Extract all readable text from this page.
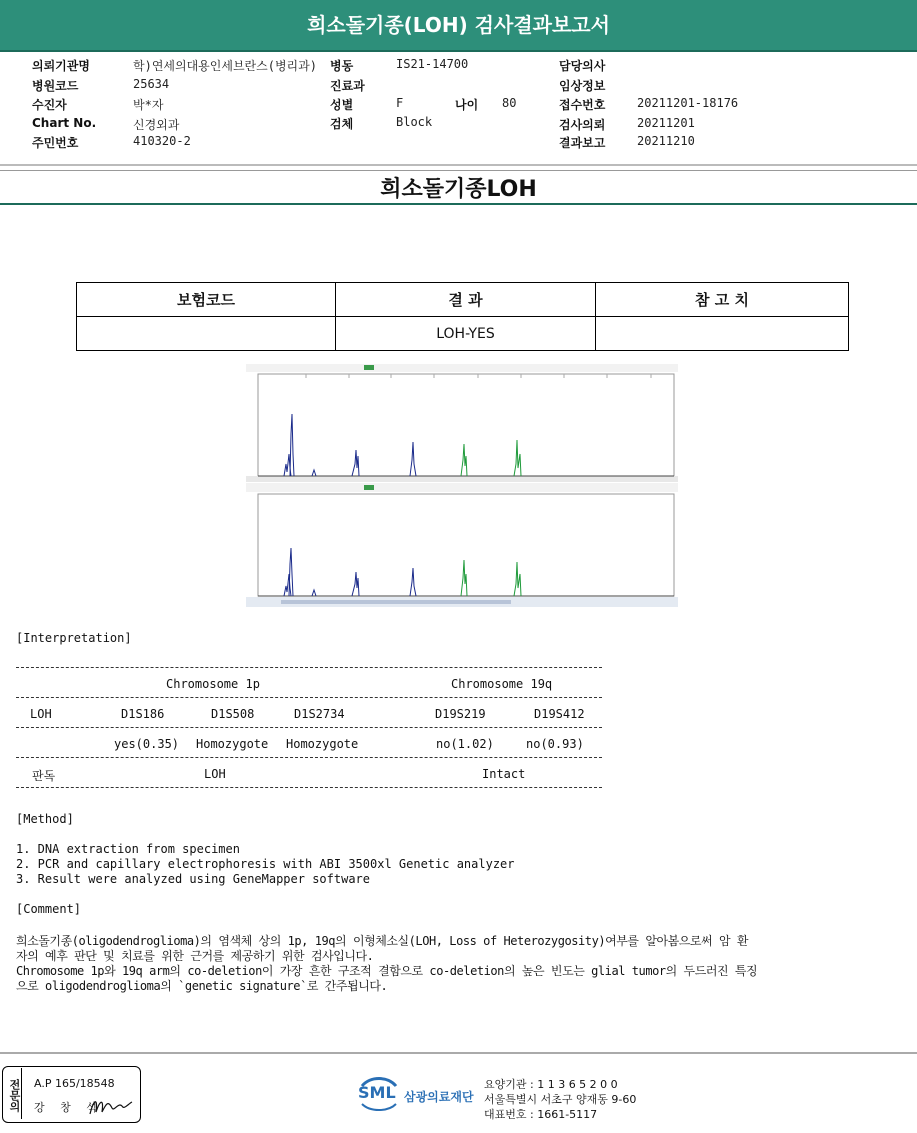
희소돌기종(LOH) 검사결과보고서
의뢰기관명	학)연세의대용인세브란스(병리과)
병원코드	25634
수진자	박*자
Chart No.	신경외과
주민번호	410320-2
병동	IS21-14700
진료과
성별	F	나이 80
검체	Block
담당의사
임상정보
접수번호	20211201-18176
검사의뢰	20211201
결과보고	20211210
희소돌기종LOH
보험코드	결 과	참 고 치
	LOH-YES	
[Interpretation]
Chromosome 1p	Chromosome 19q
LOH	D1S186	D1S508	D1S2734	D19S219	D19S412
yes(0.35) Homozygote Homozygote	no(1.02)	no(0.93)
판독	LOH	Intact
[Method]
1. DNA extraction from specimen
2. PCR and capillary electrophoresis with ABI 3500xl Genetic analyzer
3. Result were analyzed using GeneMapper software
[Comment]
희소돌기종(oligodendroglioma)의 염색체 상의 1p, 19q의 이형체소실(LOH, Loss of Heterozygosity)여부를 알아봄으로써 암 환
자의 예후 판단 및 치료를 위한 근거를 제공하기 위한 검사입니다.
Chromosome 1p와 19q arm의 co-deletion이 가장 흔한 구조적 결함으로 co-deletion의 높은 빈도는 glial tumor의 두드러진 특징
으로 oligodendroglioma의 `genetic signature`로 간주됩니다.
전문의 A.P 165/18548
강 창 석
SML 삼광의료재단
요양기관 : 1 1 3 6 5 2 0 0
서울특별시 서초구 양재동 9-60
대표번호 : 1661-5117
